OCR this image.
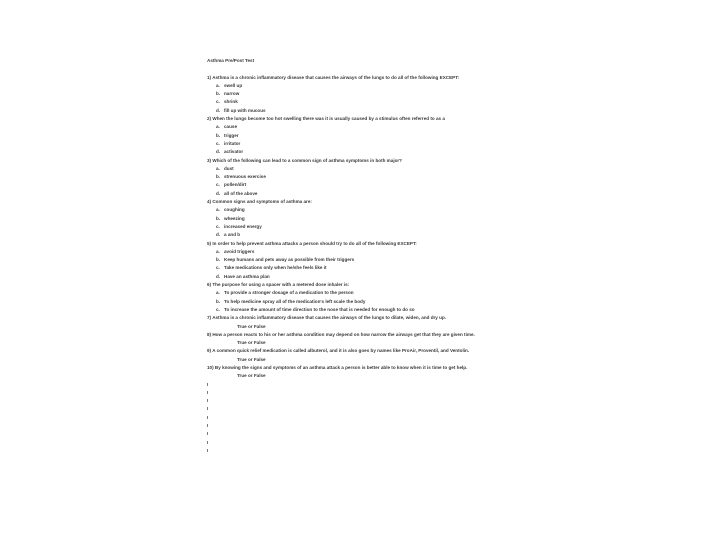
Asthma Pre/Post Test
1) Asthma is a chronic inflammatory disease that causes the airways of the lungs to do all of the following EXCEPT:
a. swell up
b. narrow
c. shrink
d. fill up with mucous
2) When the lungs become too hot swelling there was it is usually caused by a stimulus often referred to as a
a. cause
b. trigger
c. irritator
d. activator
3) Which of the following can lead to a common sign of asthma symptoms in both major?
a. dust
b. strenuous exercise
c. pollen/dirt
d. all of the above
4) Common signs and symptoms of asthma are:
a. coughing
b. wheezing
c. increased energy
d. a and b
5) In order to help prevent asthma attacks a person should try to do all of the following EXCEPT:
a. avoid triggers
b. Keep humans and pets away as possible from their triggers
c. Take medications only when he/she feels like it
d. Have an asthma plan
6) The purpose for using a spacer with a metered dose inhaler is:
a. To provide a stronger dosage of a medication to the person
b. To help medicine spray all of the medication's left scale the body
c. To increase the amount of time direction to the nose that is needed for enough to do so
7) Asthma is a chronic inflammatory disease that causes the airways of the lungs to dilate, widen, and dry up.
True or False
8) How a person reacts to his or her asthma condition may depend on how narrow the airways get that they are given time.
True or False
9) A common quick relief medication is called albuterol, and it is also goes by names like ProAir, Proventil, and Ventolin.
True or False
10) By knowing the signs and symptoms of an asthma attack a person is better able to know when it is time to get help.
True or False
I
I
I
I
I
I
I
I
I
